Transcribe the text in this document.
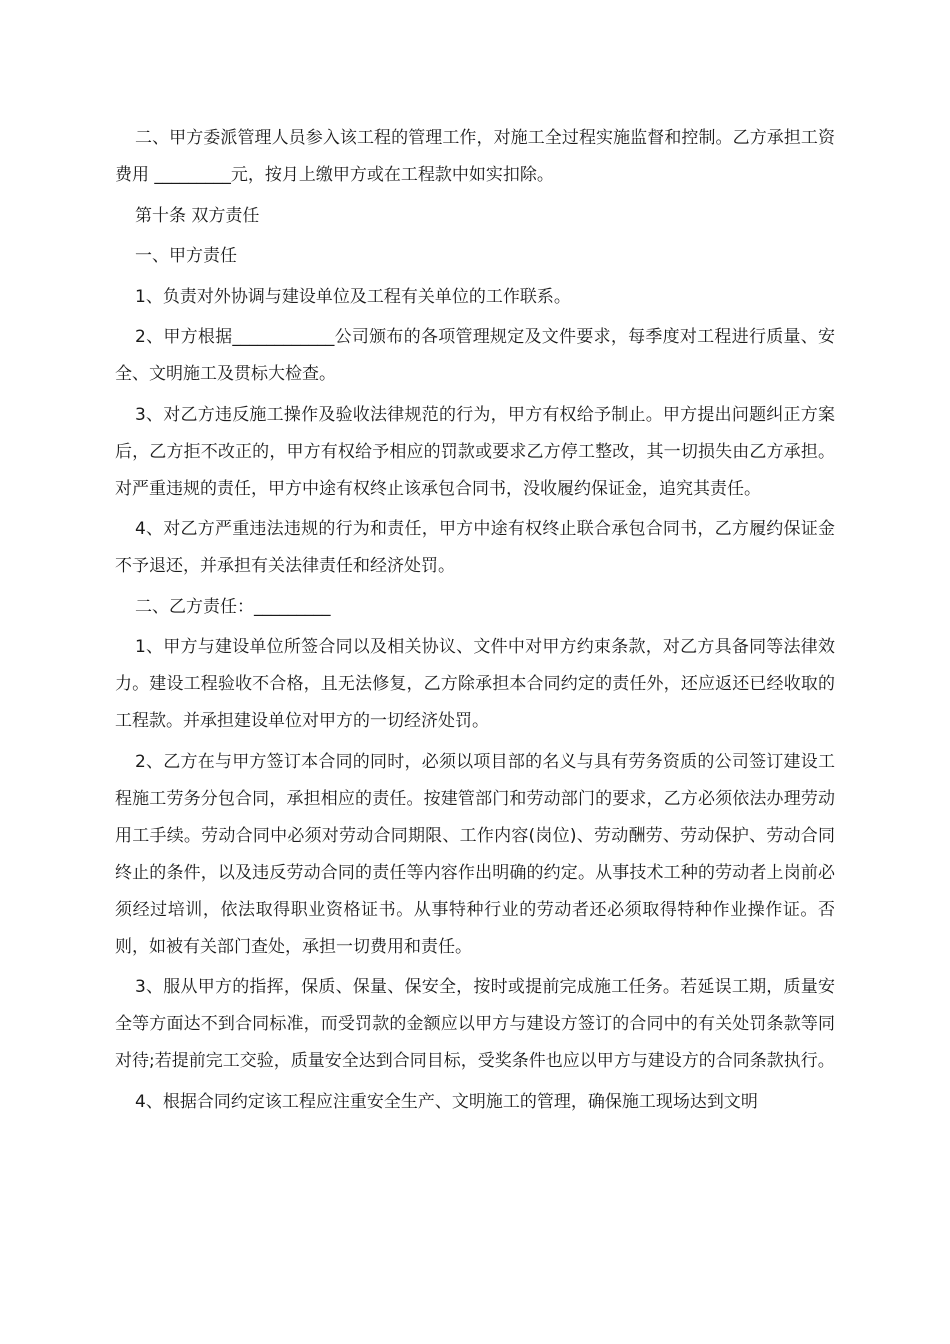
二、甲方委派管理人员参入该工程的管理工作，对施工全过程实施监督和控制。乙方承担工资费用 _________元，按月上缴甲方或在工程款中如实扣除。

第十条 双方责任

一、甲方责任

1、负责对外协调与建设单位及工程有关单位的工作联系。

2、甲方根据____________公司颁布的各项管理规定及文件要求，每季度对工程进行质量、安全、文明施工及贯标大检查。

3、对乙方违反施工操作及验收法律规范的行为，甲方有权给予制止。甲方提出问题纠正方案后，乙方拒不改正的，甲方有权给予相应的罚款或要求乙方停工整改，其一切损失由乙方承担。对严重违规的责任，甲方中途有权终止该承包合同书，没收履约保证金，追究其责任。

4、对乙方严重违法违规的行为和责任，甲方中途有权终止联合承包合同书，乙方履约保证金不予退还，并承担有关法律责任和经济处罚。

二、乙方责任：_________

1、甲方与建设单位所签合同以及相关协议、文件中对甲方约束条款，对乙方具备同等法律效力。建设工程验收不合格，且无法修复，乙方除承担本合同约定的责任外，还应返还已经收取的工程款。并承担建设单位对甲方的一切经济处罚。

2、乙方在与甲方签订本合同的同时，必须以项目部的名义与具有劳务资质的公司签订建设工程施工劳务分包合同，承担相应的责任。按建管部门和劳动部门的要求，乙方必须依法办理劳动用工手续。劳动合同中必须对劳动合同期限、工作内容(岗位)、劳动酬劳、劳动保护、劳动合同终止的条件，以及违反劳动合同的责任等内容作出明确的约定。从事技术工种的劳动者上岗前必须经过培训，依法取得职业资格证书。从事特种行业的劳动者还必须取得特种作业操作证。否则，如被有关部门查处，承担一切费用和责任。

3、服从甲方的指挥，保质、保量、保安全，按时或提前完成施工任务。若延误工期，质量安全等方面达不到合同标准，而受罚款的金额应以甲方与建设方签订的合同中的有关处罚条款等同对待;若提前完工交验，质量安全达到合同目标，受奖条件也应以甲方与建设方的合同条款执行。

4、根据合同约定该工程应注重安全生产、文明施工的管理，确保施工现场达到文明
